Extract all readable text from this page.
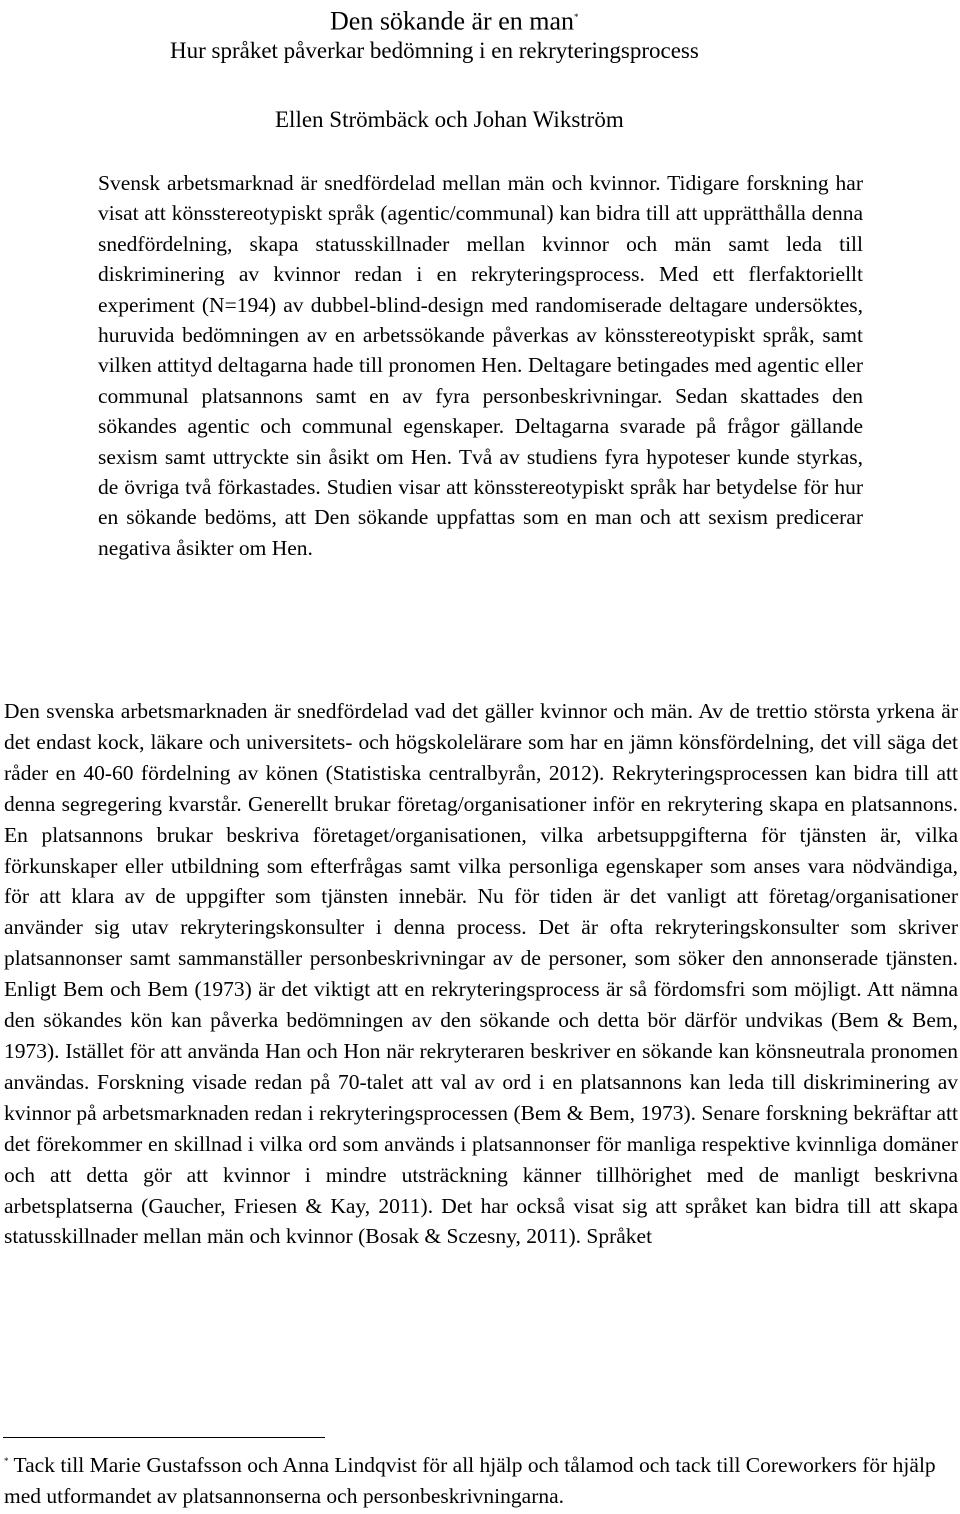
Den sökande är en man*
Hur språket påverkar bedömning i en rekryteringsprocess
Ellen Strömbäck och Johan Wikström

Svensk arbetsmarknad är snedfördelad mellan män och kvinnor. Tidigare forskning har visat att könsstereotypiskt språk (agentic/communal) kan bidra till att upprätthålla denna snedfördelning, skapa statusskillnader mellan kvinnor och män samt leda till diskriminering av kvinnor redan i en rekryteringsprocess. Med ett flerfaktoriellt experiment (N=194) av dubbel-blind-design med randomiserade deltagare undersöktes, huruvida bedömningen av en arbetssökande påverkas av könsstereotypiskt språk, samt vilken attityd deltagarna hade till pronomen Hen. Deltagare betingades med agentic eller communal platsannons samt en av fyra personbeskrivningar. Sedan skattades den sökandes agentic och communal egenskaper. Deltagarna svarade på frågor gällande sexism samt uttryckte sin åsikt om Hen. Två av studiens fyra hypoteser kunde styrkas, de övriga två förkastades. Studien visar att könsstereotypiskt språk har betydelse för hur en sökande bedöms, att Den sökande uppfattas som en man och att sexism predicerar negativa åsikter om Hen.

Den svenska arbetsmarknaden är snedfördelad vad det gäller kvinnor och män. Av de trettio största yrkena är det endast kock, läkare och universitets- och högskolelärare som har en jämn könsfördelning, det vill säga det råder en 40-60 fördelning av könen (Statistiska centralbyrån, 2012). Rekryteringsprocessen kan bidra till att denna segregering kvarstår. Generellt brukar företag/organisationer inför en rekrytering skapa en platsannons. En platsannons brukar beskriva företaget/organisationen, vilka arbetsuppgifterna för tjänsten är, vilka förkunskaper eller utbildning som efterfrågas samt vilka personliga egenskaper som anses vara nödvändiga, för att klara av de uppgifter som tjänsten innebär. Nu för tiden är det vanligt att företag/organisationer använder sig utav rekryteringskonsulter i denna process. Det är ofta rekryteringskonsulter som skriver platsannonser samt sammanställer personbeskrivningar av de personer, som söker den annonserade tjänsten. Enligt Bem och Bem (1973) är det viktigt att en rekryteringsprocess är så fördomsfri som möjligt. Att nämna den sökandes kön kan påverka bedömningen av den sökande och detta bör därför undvikas (Bem & Bem, 1973). Istället för att använda Han och Hon när rekryteraren beskriver en sökande kan könsneutrala pronomen användas. Forskning visade redan på 70-talet att val av ord i en platsannons kan leda till diskriminering av kvinnor på arbetsmarknaden redan i rekryteringsprocessen (Bem & Bem, 1973). Senare forskning bekräftar att det förekommer en skillnad i vilka ord som används i platsannonser för manliga respektive kvinnliga domäner och att detta gör att kvinnor i mindre utsträckning känner tillhörighet med de manligt beskrivna arbetsplatserna (Gaucher, Friesen & Kay, 2011). Det har också visat sig att språket kan bidra till att skapa statusskillnader mellan män och kvinnor (Bosak & Sczesny, 2011). Språket

* Tack till Marie Gustafsson och Anna Lindqvist för all hjälp och tålamod och tack till Coreworkers för hjälp med utformandet av platsannonserna och personbeskrivningarna.
